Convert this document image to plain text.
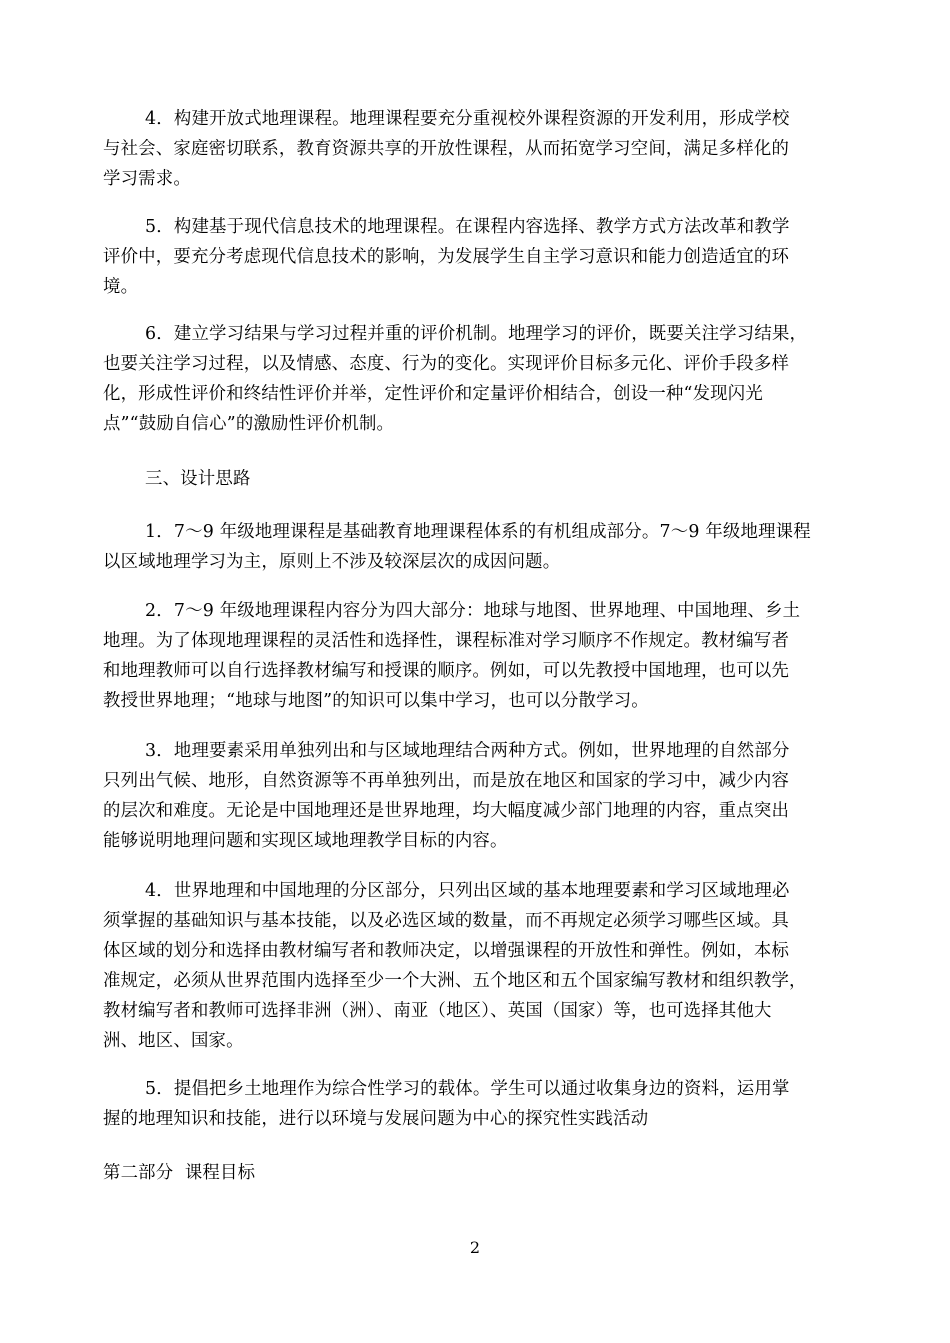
4．构建开放式地理课程。地理课程要充分重视校外课程资源的开发利用，形成学校
与社会、家庭密切联系，教育资源共享的开放性课程，从而拓宽学习空间，满足多样化的
学习需求。
5．构建基于现代信息技术的地理课程。在课程内容选择、教学方式方法改革和教学
评价中，要充分考虑现代信息技术的影响，为发展学生自主学习意识和能力创造适宜的环
境。
6．建立学习结果与学习过程并重的评价机制。地理学习的评价，既要关注学习结果，
也要关注学习过程，以及情感、态度、行为的变化。实现评价目标多元化、评价手段多样
化，形成性评价和终结性评价并举，定性评价和定量评价相结合，创设一种“发现闪光
点”“鼓励自信心”的激励性评价机制。
三、设计思路
1．7～9 年级地理课程是基础教育地理课程体系的有机组成部分。7～9 年级地理课程
以区域地理学习为主，原则上不涉及较深层次的成因问题。
2．7～9 年级地理课程内容分为四大部分：地球与地图、世界地理、中国地理、乡土
地理。为了体现地理课程的灵活性和选择性，课程标准对学习顺序不作规定。教材编写者
和地理教师可以自行选择教材编写和授课的顺序。例如，可以先教授中国地理，也可以先
教授世界地理；“地球与地图”的知识可以集中学习，也可以分散学习。
3．地理要素采用单独列出和与区域地理结合两种方式。例如，世界地理的自然部分
只列出气候、地形，自然资源等不再单独列出，而是放在地区和国家的学习中，减少内容
的层次和难度。无论是中国地理还是世界地理，均大幅度减少部门地理的内容，重点突出
能够说明地理问题和实现区域地理教学目标的内容。
4．世界地理和中国地理的分区部分，只列出区域的基本地理要素和学习区域地理必
须掌握的基础知识与基本技能，以及必选区域的数量，而不再规定必须学习哪些区域。具
体区域的划分和选择由教材编写者和教师决定，以增强课程的开放性和弹性。例如，本标
准规定，必须从世界范围内选择至少一个大洲、五个地区和五个国家编写教材和组织教学，
教材编写者和教师可选择非洲（洲）、南亚（地区）、英国（国家）等，也可选择其他大
洲、地区、国家。
5．提倡把乡土地理作为综合性学习的载体。学生可以通过收集身边的资料，运用掌
握的地理知识和技能，进行以环境与发展问题为中心的探究性实践活动
第二部分  课程目标
2
